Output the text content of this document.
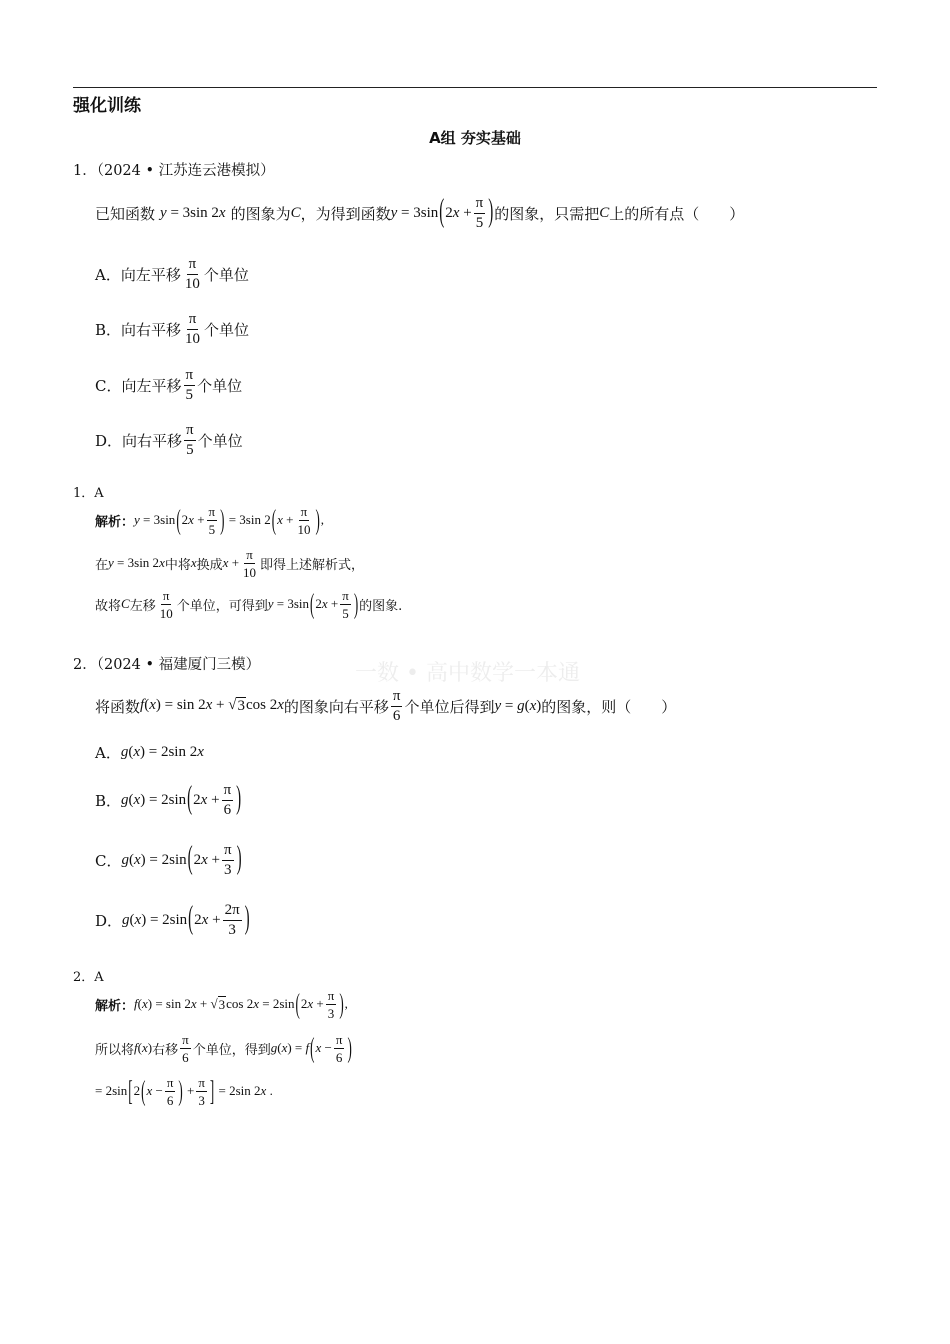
强化训练
A组 夯实基础
一数 • 高中数学一本通
1．（2024 • 江苏连云港模拟）
已知函数 y = 3sin 2x 的图象为 C ，为得到函数 $y = 3\sin(2x + \frac{\pi}{5}$ ) 的图象，只需把 C 上的所有点（　　）
A． 向左平移 $\frac{\pi}{10}$ 个单位
B． 向右平移 $\frac{\pi}{10}$ 个单位
C． 向左平移 $\frac{\pi}{5}$ 个单位
D． 向右平移 $\frac{\pi}{5}$ 个单位
1．A
解析： $y = 3\sin(2x + \frac{\pi}{5}$ ) = 3sin $2(x + \frac{\pi}{10}$ ),
在 y = 3sin 2x 中将 x 换成 $x + \frac{\pi}{10}$ 即得上述解析式，
故将 C 左移 $\frac{\pi}{10}$ 个单位，可得到 $y = 3\sin(2x + \frac{\pi}{5}$ ) 的图象.
2．（2024 • 福建厦门三模）
将函数 f(x) = sin 2x + √ 3 cos 2x 的图象向右平移 $\frac{\pi}{6}$ 个单位后得到 y = g(x) 的图象，则（　　）
A． g(x) = 2sin 2x
B． $g(x) = 2\sin(2x + \frac{\pi}{6}$ )
C． $g(x) = 2\sin(2x + \frac{\pi}{3}$ )
D． $g(x) = 2\sin(2x + \frac{2\pi}{3}$ )
2．A
解析： f(x) = sin 2x + √ 3 $\cos 2x = 2\sin(2x + \frac{\pi}{3}$ ),
所以将 f(x) 右移 $\frac{\pi}{6}$ 个单位，得到 $g(x) = f(x - \frac{\pi}{6}$ )
= $2\sin[2(x - \frac{\pi}{6}$ ) + $\frac{\pi}{3}$ ] = 2sin 2x .
